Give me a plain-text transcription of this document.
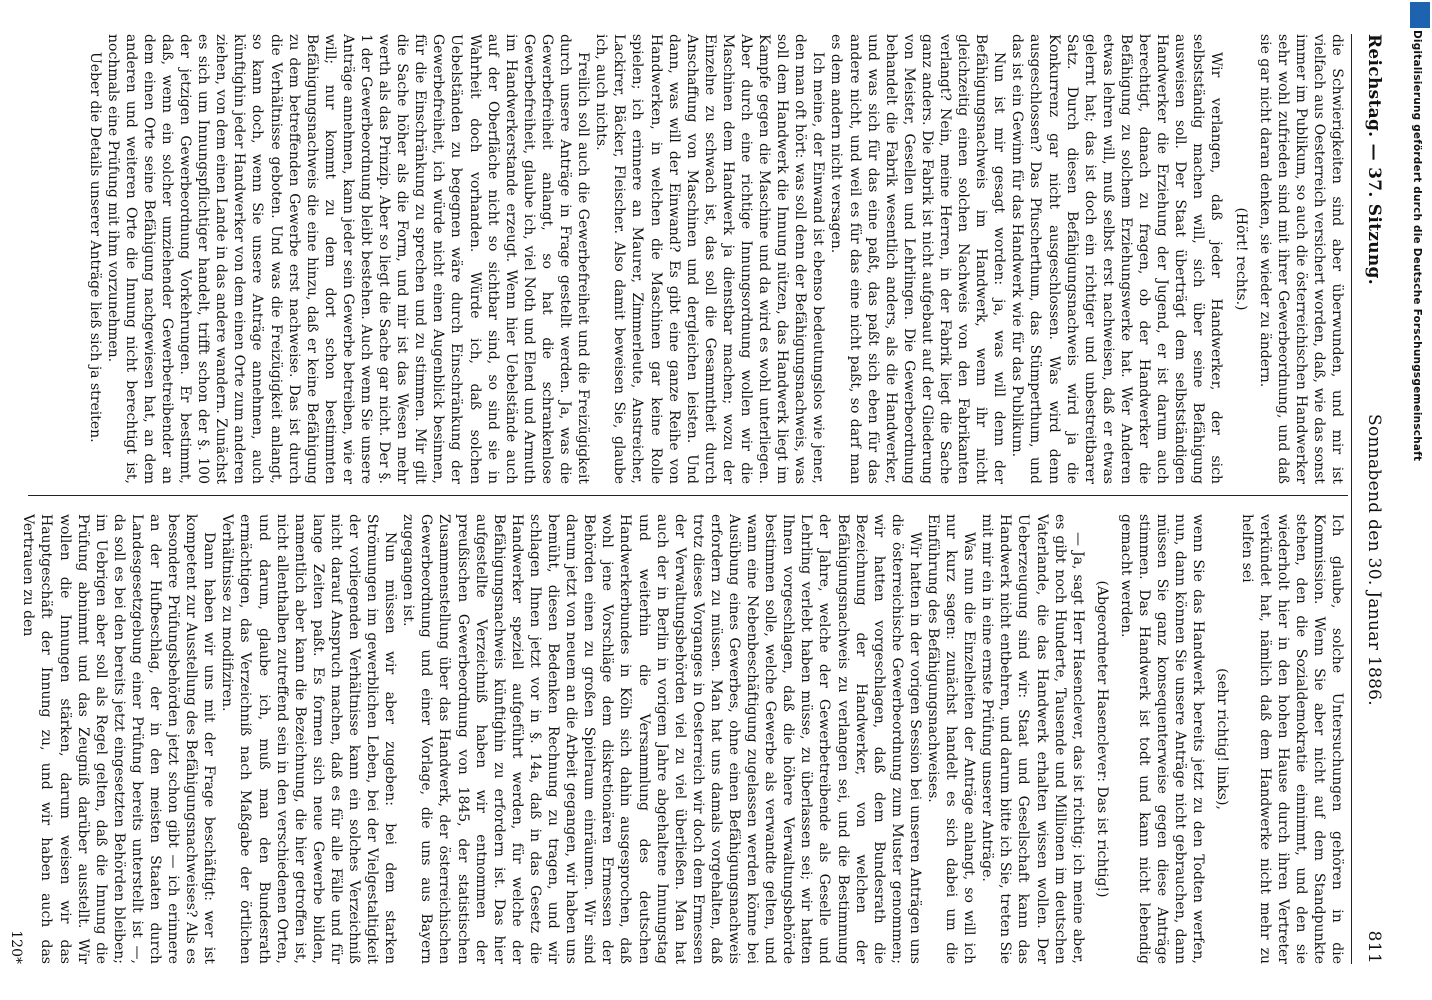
Reichstag. — 37. Sitzung.
Sonnabend den 30. Januar 1886.
811

die Schwierigkeiten sind aber überwunden, und mir ist vielfach aus Oesterreich versichert worden, daß, wie das sonst immer im Publikum, so auch die österreichischen Handwerker sehr wohl zufrieden sind mit ihrer Gewerbeordnung, und daß sie gar nicht daran denken, sie wieder zu ändern.

(Hört! rechts.)

Wir verlangen, daß jeder Handwerker, der sich selbstständig machen will, sich über seine Befähigung ausweisen soll. Der Staat überträgt dem selbstständigen Handwerker die Erziehung der Jugend, er ist darum auch berechtigt, danach zu fragen, ob der Handwerker die Befähigung zu solchem Erziehungswerke hat. Wer Anderen etwas lehren will, muß selbst erst nachweisen, daß er etwas gelernt hat; das ist doch ein richtiger und unbestreitbarer Satz. Durch diesen Befähigungsnachweis wird ja die Konkurrenz gar nicht ausgeschlossen. Was wird denn ausgeschlossen? Das Pfuscherthum, das Stümperthum, und das ist ein Gewinn für das Handwerk wie für das Publikum.

Nun ist mir gesagt worden: ja, was will denn der Befähigungsnachweis im Handwerk, wenn ihr nicht gleichzeitig einen solchen Nachweis von den Fabrikanten verlangt? Nein, meine Herren, in der Fabrik liegt die Sache ganz anders. Die Fabrik ist nicht aufgebaut auf der Gliederung von Meister, Gesellen und Lehrlingen. Die Gewerbeordnung behandelt die Fabrik wesentlich anders, als die Handwerker, und was sich für das eine paßt, das paßt sich eben für das andere nicht, und weil es für das eine nicht paßt, so darf man es dem andern nicht versagen.

Ich meine, der Einwand ist ebenso bedeutungslos wie jener, den man oft hört: was soll denn der Befähigungsnachweis, was soll dem Handwerk die Innung nützen, das Handwerk liegt im Kampfe gegen die Maschine und da wird es wohl unterliegen. Aber durch eine richtige Innungsordnung wollen wir die Maschinen dem Handwerk ja dienstbar machen; wozu der Einzelne zu schwach ist, das soll die Gesammtheit durch Anschaffung von Maschinen und dergleichen leisten. Und dann, was will der Einwand? Es gibt eine ganze Reihe von Handwerken, in welchen die Maschinen gar keine Rolle spielen; ich erinnere an Maurer, Zimmerleute, Anstreicher, Lackirer, Bäcker, Fleischer. Also damit beweisen Sie, glaube ich, auch nichts.

Freilich soll auch die Gewerbefreiheit und die Freizügigkeit durch unsere Anträge in Frage gestellt werden. Ja, was die Gewerbefreiheit anlangt, so hat die schrankenlose Gewerbefreiheit, glaube ich, viel Noth und Elend und Armuth im Handwerkerstande erzeugt. Wenn hier Uebelstände auch auf der Oberfläche nicht so sichtbar sind, so sind sie in Wahrheit doch vorhanden. Würde ich, daß solchen Uebelständen zu begegnen wäre durch Einschränkung der Gewerbefreiheit, ich würde nicht einen Augenblick besinnen, für die Einschränkung zu sprechen und zu stimmen. Mir gilt die Sache höher als die Form, und mir ist das Wesen mehr werth als das Prinzip. Aber so liegt die Sache gar nicht. Der §. 1 der Gewerbeordnung bleibt bestehen. Auch wenn Sie unsere Anträge annehmen, kann jeder sein Gewerbe betreiben, wie er will; nur kommt zu dem dort schon bestimmten Befähigungsnachweis die eine hinzu, daß er keine Befähigung zu dem betreffenden Gewerbe erst nachweise. Das ist durch die Verhältnisse geboten. Und was die Freizügigkeit anlangt, so kann doch, wenn Sie unsere Anträge annehmen, auch künftighin jeder Handwerker von dem einen Orte zum anderen ziehen, von dem einen Lande in das andere wandern. Zunächst es sich um Innungspflichtiger handelt, trifft schon der §. 100 der jetzigen Gewerbeordnung Vorkehrungen. Er bestimmt, daß, wenn ein solcher umziehender Gewerbetreibender an dem einen Orte seine Befähigung nachgewiesen hat, an dem anderen und weiteren Orte die Innung nicht berechtigt ist, nochmals eine Prüfung mit ihm vorzunehmen.

Ueber die Details unserer Anträge ließ sich ja streiten.

Ich glaube, solche Untersuchungen gehören in die Kommission. Wenn Sie aber nicht auf dem Standpunkte stehen, den die Sozialdemokratie einnimmt, und den sie wiederholt hier in den hohen Hause durch ihren Vertreter verkündet hat, nämlich daß dem Handwerke nicht mehr zu helfen sei

(sehr richtig! links),

wenn Sie das Handwerk bereits jetzt zu den Todten werfen, nun, dann können Sie unsere Anträge nicht gebrauchen, dann müssen Sie ganz konsequenterweise gegen diese Anträge stimmen. Das Handwerk ist todt und kann nicht lebendig gemacht werden.

(Abgeordneter Hasenclever: Das ist richtig!)

— Ja, sagt Herr Hasenclever, das ist richtig; ich meine aber, es gibt noch Hunderte, Tausende und Millionen im deutschen Vaterlande, die das Handwerk erhalten wissen wollen. Der Ueberzeugung sind wir: Staat und Gesellschaft kann das Handwerk nicht entbehren, und darum bitte ich Sie, treten Sie mit mir ein in eine ernste Prüfung unserer Anträge.

Was nun die Einzelheiten der Anträge anlangt, so will ich nur kurz sagen: zunächst handelt es sich dabei um die Einführung des Befähigungsnachweises.

Wir hatten in der vorigen Session bei unseren Anträgen uns die österreichische Gewerbeordnung zum Muster genommen; wir hatten vorgeschlagen, daß dem Bundesrath die Bezeichnung der Handwerker, von welchen der Befähigungsnachweis zu verlangen sei, und die Bestimmung der Jahre, welche der Gewerbetreibende als Geselle und Lehrling verlebt haben müsse, zu überlassen sei; wir hatten Ihnen vorgeschlagen, daß die höhere Verwaltungsbehörde bestimmen solle, welche Gewerbe als verwandte gelten, und wann eine Nebenbeschäftigung zugelassen werden könne bei Ausübung eines Gewerbes, ohne einen Befähigungsnachweis erfordern zu müssen. Man hat uns damals vorgehalten, daß trotz dieses Vorganges in Oesterreich wir doch dem Ermessen der Verwaltungsbehörden viel zu viel überließen. Man hat auch der in Berlin in vorigem Jahre abgehaltene Innungstag und weiterhin die Versammlung des deutschen Handwerkerbundes in Köln sich dahin ausgesprochen, daß wohl jene Vorschläge dem diskretionären Ermessen der Behörden einen zu großen Spielraum einräumen. Wir sind darum jetzt von neuem an die Arbeit gegangen, wir haben uns bemüht, diesen Bedenken Rechnung zu tragen, und wir schlagen Ihnen jetzt vor in §. 14a, daß in das Gesetz die Handwerker speziell aufgeführt werden, für welche der Befähigungsnachweis künftighin zu erfordern ist. Das hier aufgestellte Verzeichniß haben wir entnommen der preußischen Gewerbeordnung von 1845, der statistischen Zusammenstellung über das Handwerk, der österreichischen Gewerbeordnung und einer Vorlage, die uns aus Bayern zugegangen ist.

Nun müssen wir aber zugeben: bei dem starken Strömungen im gewerblichen Leben, bei der Vielgestaltigkeit der vorliegenden Verhältnisse kann ein solches Verzeichniß nicht darauf Anspruch machen, daß es für alle Fälle und für lange Zeiten paßt. Es formen sich neue Gewerbe bilden, namentlich aber kann die Bezeichnung, die hier getroffen ist, nicht allenthalben zutreffend sein in den verschiedenen Orten, und darum, glaube ich, muß man den Bundesrath ermächtigen, das Verzeichniß nach Maßgabe der örtlichen Verhältnisse zu modifiziren.

Dann haben wir uns mit der Frage beschäftigt: wer ist kompetent zur Ausstellung des Befähigungsnachweises? Als es besondere Prüfungsbehörden jetzt schon gibt — ich erinnere an der Hufbeschlag, der in den meisten Staaten durch Landesgesetzgebung einer Prüfung bereits unterstellt ist —, da soll es bei den bereits jetzt eingesetzten Behörden bleiben; im Uebrigen aber soll als Regel gelten, daß die Innung die Prüfung abnimmt und das Zeugniß darüber ausstellt. Wir wollen die Innungen stärken, darum weisen wir das Hauptgeschäft der Innung zu, und wir haben auch das Vertrauen zu den

120*
Digitalisierung gefördert durch die Deutsche Forschungsgemeinschaft
